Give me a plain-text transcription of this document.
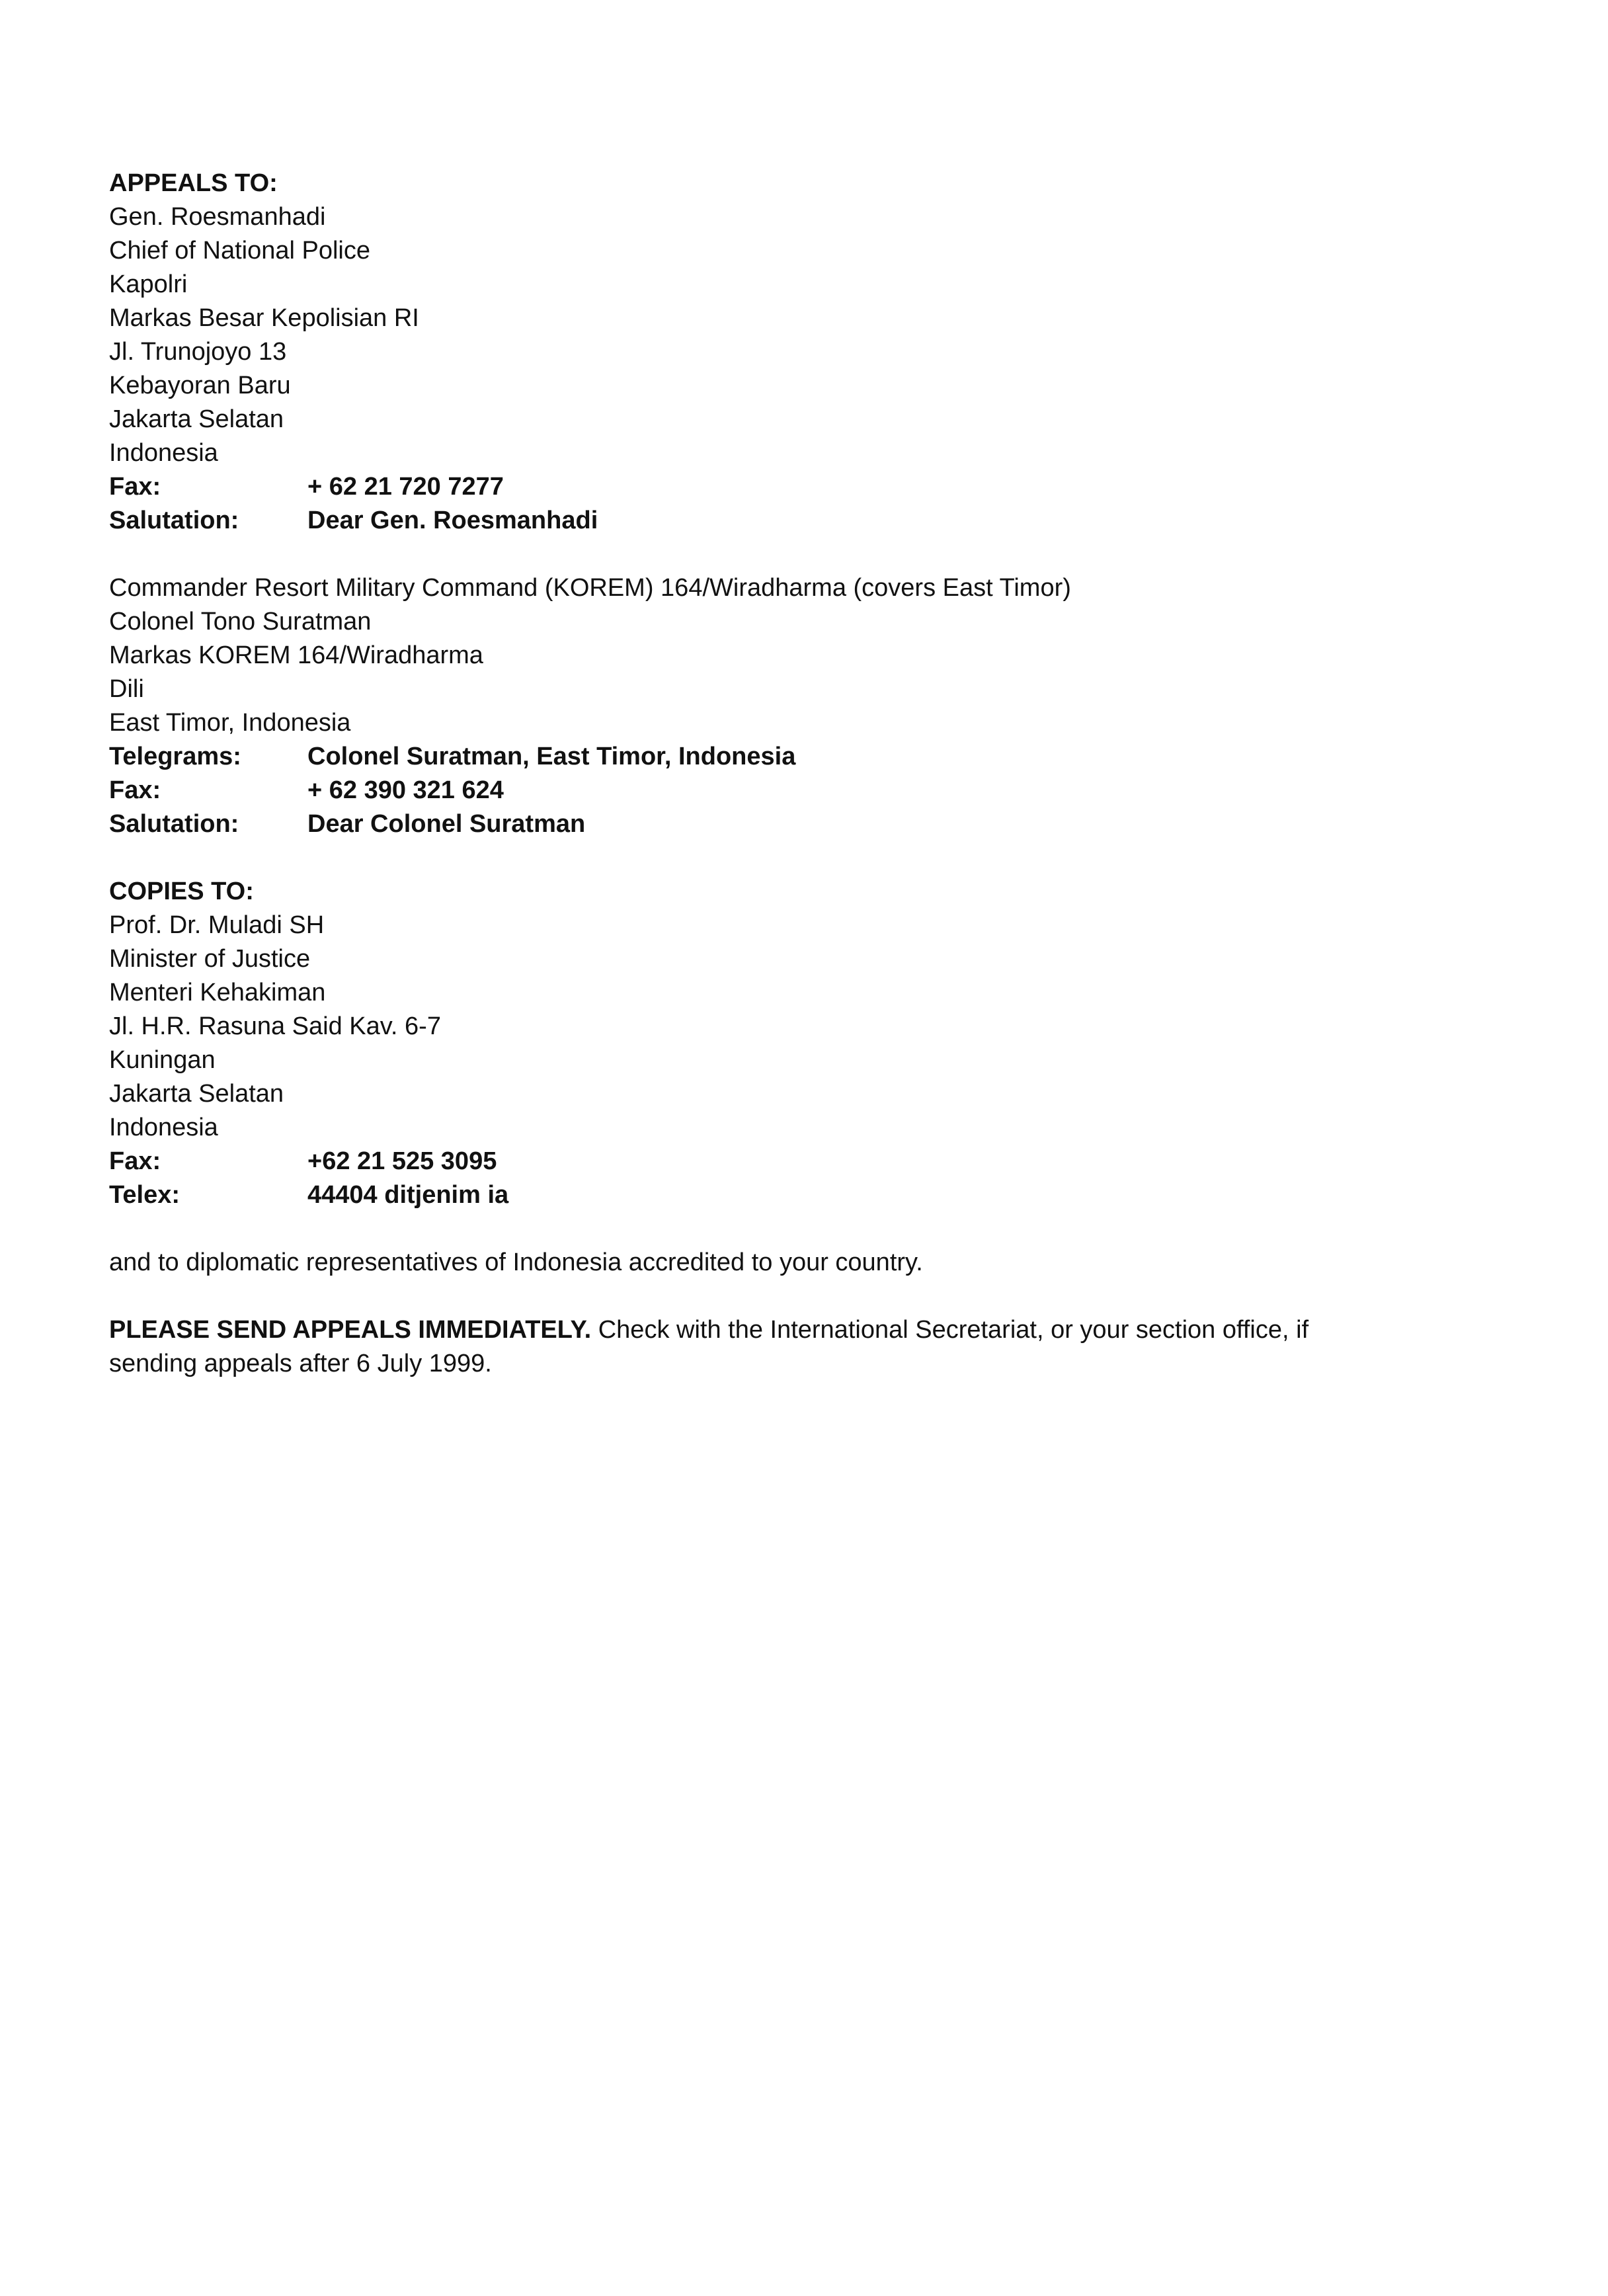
APPEALS TO:
Gen. Roesmanhadi
Chief of National Police
Kapolri
Markas Besar Kepolisian RI
Jl. Trunojoyo 13
Kebayoran Baru
Jakarta Selatan
Indonesia
Fax:	+ 62 21 720 7277
Salutation:	Dear Gen. Roesmanhadi
Commander Resort Military Command (KOREM) 164/Wiradharma (covers East Timor)
Colonel Tono Suratman
Markas KOREM 164/Wiradharma
Dili
East Timor, Indonesia
Telegrams:	Colonel Suratman, East Timor, Indonesia
Fax:	+ 62 390 321 624
Salutation:	Dear Colonel Suratman
COPIES TO:
Prof. Dr. Muladi SH
Minister of Justice
Menteri Kehakiman
Jl. H.R. Rasuna Said Kav. 6-7
Kuningan
Jakarta Selatan
Indonesia
Fax:	+62 21 525 3095
Telex:	44404 ditjenim ia
and to diplomatic representatives of Indonesia accredited to your country.
PLEASE SEND APPEALS IMMEDIATELY. Check with the International Secretariat, or your section office, if
sending appeals after 6 July 1999.
